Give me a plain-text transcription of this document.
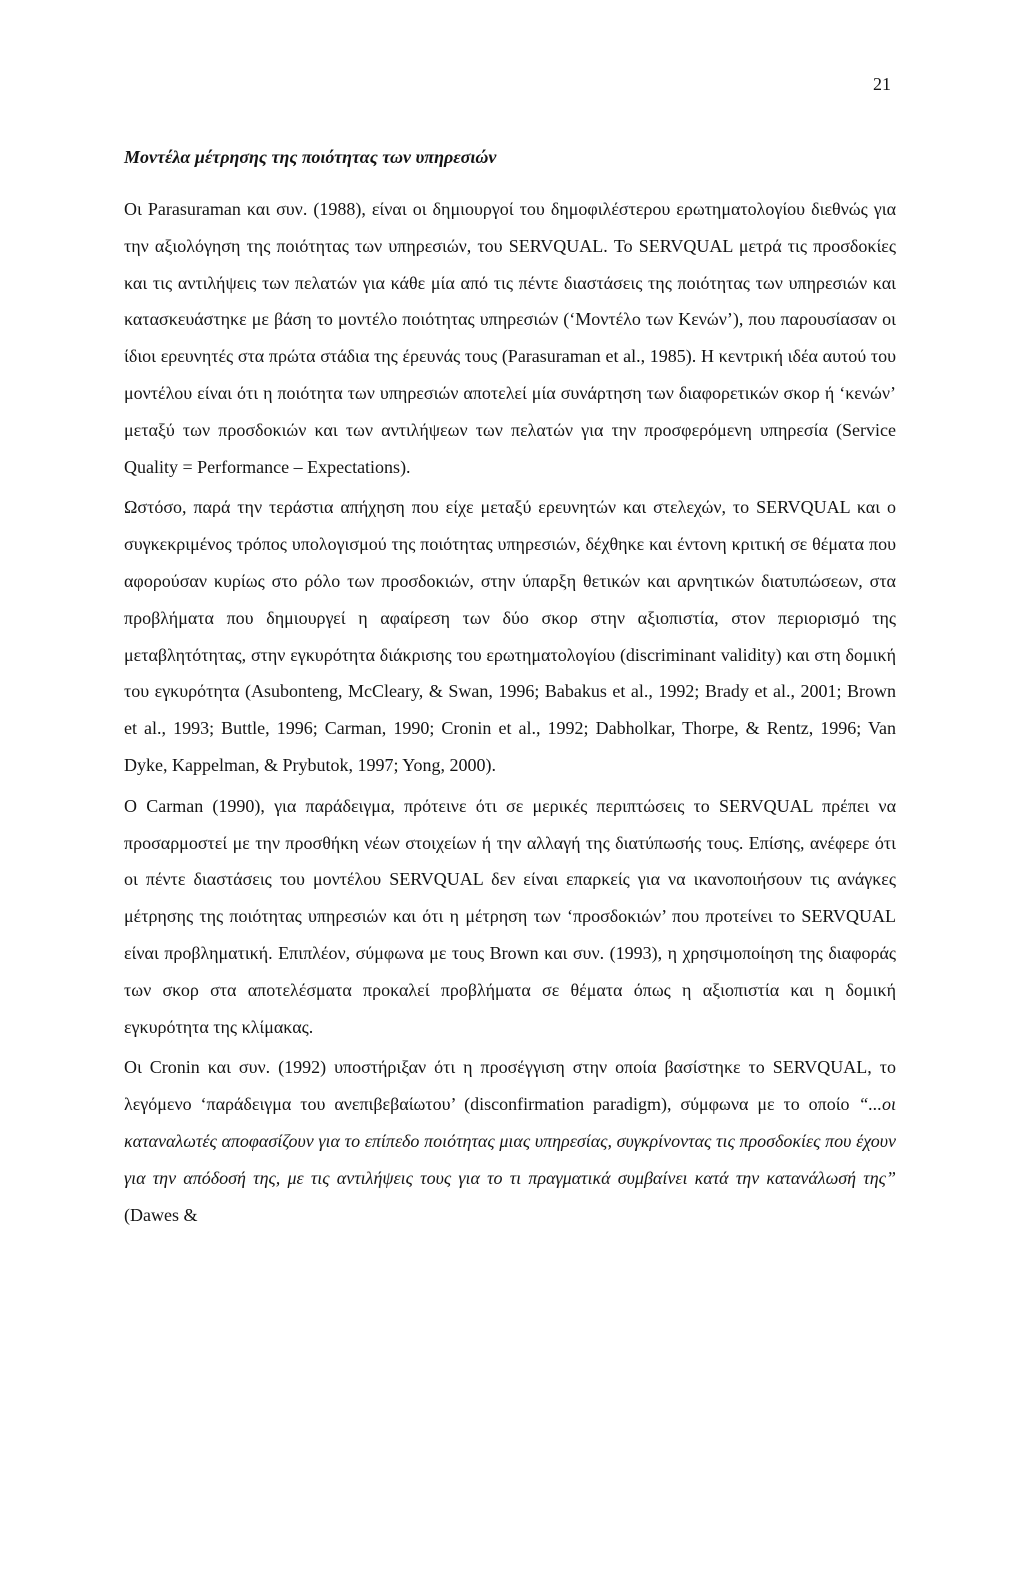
21
Μοντέλα μέτρησης της ποιότητας των υπηρεσιών

Οι Parasuraman και συν. (1988), είναι οι δημιουργοί του δημοφιλέστερου ερωτηματολογίου διεθνώς για την αξιολόγηση της ποιότητας των υπηρεσιών, του SERVQUAL. Το SERVQUAL μετρά τις προσδοκίες και τις αντιλήψεις των πελατών για κάθε μία από τις πέντε διαστάσεις της ποιότητας των υπηρεσιών και κατασκευάστηκε με βάση το μοντέλο ποιότητας υπηρεσιών (‘Μοντέλο των Κενών’), που παρουσίασαν οι ίδιοι ερευνητές στα πρώτα στάδια της έρευνάς τους (Parasuraman et al., 1985). Η κεντρική ιδέα αυτού του μοντέλου είναι ότι η ποιότητα των υπηρεσιών αποτελεί μία συνάρτηση των διαφορετικών σκορ ή ‘κενών’ μεταξύ των προσδοκιών και των αντιλήψεων των πελατών για την προσφερόμενη υπηρεσία (Service Quality = Performance – Expectations).

Ωστόσο, παρά την τεράστια απήχηση που είχε μεταξύ ερευνητών και στελεχών, το SERVQUAL και ο συγκεκριμένος τρόπος υπολογισμού της ποιότητας υπηρεσιών, δέχθηκε και έντονη κριτική σε θέματα που αφορούσαν κυρίως στο ρόλο των προσδοκιών, στην ύπαρξη θετικών και αρνητικών διατυπώσεων, στα προβλήματα που δημιουργεί η αφαίρεση των δύο σκορ στην αξιοπιστία, στον περιορισμό της μεταβλητότητας, στην εγκυρότητα διάκρισης του ερωτηματολογίου (discriminant validity) και στη δομική του εγκυρότητα (Asubonteng, McCleary, & Swan, 1996; Babakus et al., 1992; Brady et al., 2001; Brown et al., 1993; Buttle, 1996; Carman, 1990; Cronin et al., 1992; Dabholkar, Thorpe, & Rentz, 1996; Van Dyke, Kappelman, & Prybutok, 1997; Yong, 2000).

Ο Carman (1990), για παράδειγμα, πρότεινε ότι σε μερικές περιπτώσεις το SERVQUAL πρέπει να προσαρμοστεί με την προσθήκη νέων στοιχείων ή την αλλαγή της διατύπωσής τους. Επίσης, ανέφερε ότι οι πέντε διαστάσεις του μοντέλου SERVQUAL δεν είναι επαρκείς για να ικανοποιήσουν τις ανάγκες μέτρησης της ποιότητας υπηρεσιών και ότι η μέτρηση των ‘προσδοκιών’ που προτείνει το SERVQUAL είναι προβληματική. Επιπλέον, σύμφωνα με τους Brown και συν. (1993), η χρησιμοποίηση της διαφοράς των σκορ στα αποτελέσματα προκαλεί προβλήματα σε θέματα όπως η αξιοπιστία και η δομική εγκυρότητα της κλίμακας.

Οι Cronin και συν. (1992) υποστήριξαν ότι η προσέγγιση στην οποία βασίστηκε το SERVQUAL, το λεγόμενο ‘παράδειγμα του ανεπιβεβαίωτου’ (disconfirmation paradigm), σύμφωνα με το οποίο “...οι καταναλωτές αποφασίζουν για το επίπεδο ποιότητας μιας υπηρεσίας, συγκρίνοντας τις προσδοκίες που έχουν για την απόδοσή της, με τις αντιλήψεις τους για το τι πραγματικά συμβαίνει κατά την κατανάλωσή της” (Dawes &
